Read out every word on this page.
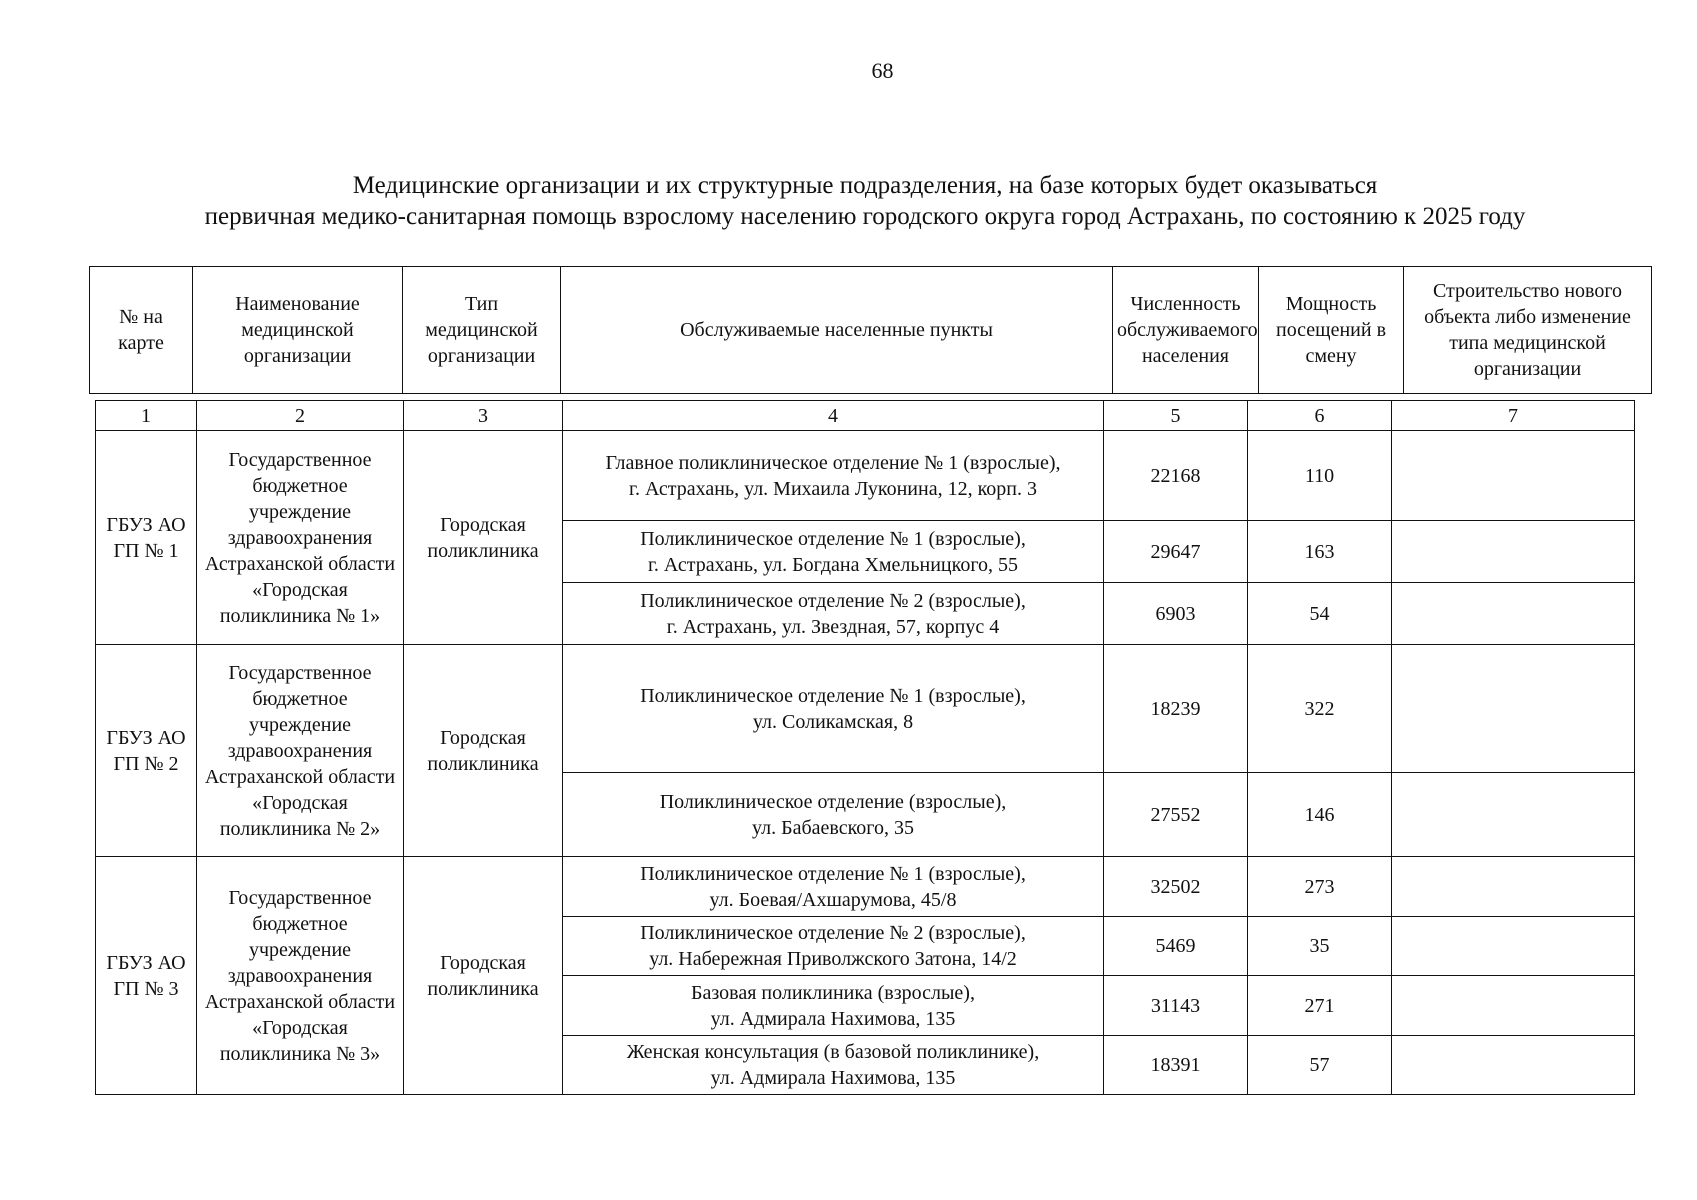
68
Медицинские организации и их структурные подразделения, на базе которых будет оказываться
первичная медико-санитарная помощь взрослому населению городского округа город Астрахань, по состоянию к 2025 году
№ на карте	Наименование медицинской организации	Тип медицинской организации	Обслуживаемые населенные пункты	Численность обслуживаемого населения	Мощность посещений в смену	Строительство нового объекта либо изменение типа медицинской организации
1	2	3	4	5	6	7
ГБУЗ АО ГП № 1	Государственное бюджетное учреждение здравоохранения Астраханской области «Городская поликлиника № 1»	Городская поликлиника	Главное поликлиническое отделение № 1 (взрослые),
г. Астрахань, ул. Михаила Луконина, 12, корп. 3	22168	110	

			Поликлиническое отделение № 1 (взрослые),
г. Астрахань, ул. Богдана Хмельницкого, 55	29647	163	

			Поликлиническое отделение № 2 (взрослые),
г. Астрахань, ул. Звездная, 57, корпус 4	6903	54	
ГБУЗ АО ГП № 2	Государственное бюджетное учреждение здравоохранения Астраханской области «Городская поликлиника № 2»	Городская поликлиника	Поликлиническое отделение № 1 (взрослые),
ул. Соликамская, 8	18239	322	

			Поликлиническое отделение (взрослые),
ул. Бабаевского, 35	27552	146	
ГБУЗ АО ГП № 3	Государственное бюджетное учреждение здравоохранения Астраханской области «Городская поликлиника № 3»	Городская поликлиника	Поликлиническое отделение № 1 (взрослые),
ул. Боевая/Ахшарумова, 45/8	32502	273	

			Поликлиническое отделение № 2 (взрослые),
ул. Набережная Приволжского Затона, 14/2	5469	35	

			Базовая поликлиника (взрослые),
ул. Адмирала Нахимова, 135	31143	271	

			Женская консультация (в базовой поликлинике),
ул. Адмирала Нахимова, 135	18391	57	
